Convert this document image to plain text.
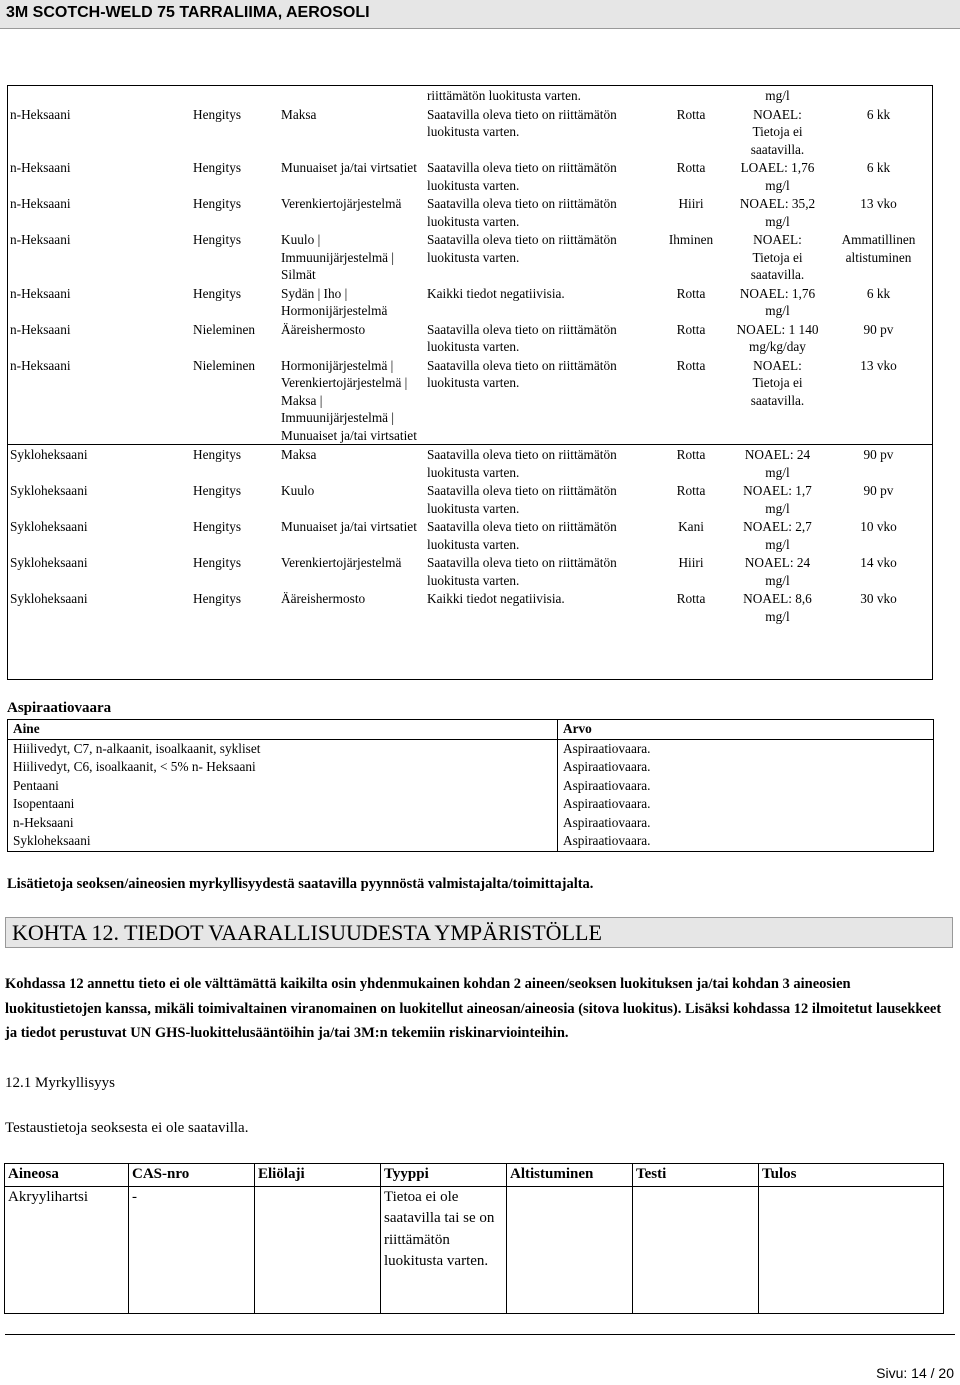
3M SCOTCH-WELD 75 TARRALIIMA, AEROSOLI
			riittämätön luokitusta varten.		mg/l	
n-Heksaani	Hengitys	Maksa	Saatavilla oleva tieto on riittämätön luokitusta varten.	Rotta	NOAEL: Tietoja ei saatavilla.	6 kk
n-Heksaani	Hengitys	Munuaiset ja/tai virtsatiet	Saatavilla oleva tieto on riittämätön luokitusta varten.	Rotta	LOAEL: 1,76 mg/l	6 kk
n-Heksaani	Hengitys	Verenkiertojärjestelmä	Saatavilla oleva tieto on riittämätön luokitusta varten.	Hiiri	NOAEL: 35,2 mg/l	13 vko
n-Heksaani	Hengitys	Kuulo | Immuunijärjestelmä | Silmät	Saatavilla oleva tieto on riittämätön luokitusta varten.	Ihminen	NOAEL: Tietoja ei saatavilla.	Ammatillinen altistuminen
n-Heksaani	Hengitys	Sydän | Iho | Hormonijärjestelmä	Kaikki tiedot negatiivisia.	Rotta	NOAEL: 1,76 mg/l	6 kk
n-Heksaani	Nieleminen	Ääreishermosto	Saatavilla oleva tieto on riittämätön luokitusta varten.	Rotta	NOAEL: 1 140 mg/kg/day	90 pv
n-Heksaani	Nieleminen	Hormonijärjestelmä | Verenkiertojärjestelmä | Maksa | Immuunijärjestelmä | Munuaiset ja/tai virtsatiet	Saatavilla oleva tieto on riittämätön luokitusta varten.	Rotta	NOAEL: Tietoja ei saatavilla.	13 vko
Sykloheksaani	Hengitys	Maksa	Saatavilla oleva tieto on riittämätön luokitusta varten.	Rotta	NOAEL: 24 mg/l	90 pv
Sykloheksaani	Hengitys	Kuulo	Saatavilla oleva tieto on riittämätön luokitusta varten.	Rotta	NOAEL: 1,7 mg/l	90 pv
Sykloheksaani	Hengitys	Munuaiset ja/tai virtsatiet	Saatavilla oleva tieto on riittämätön luokitusta varten.	Kani	NOAEL: 2,7 mg/l	10 vko
Sykloheksaani	Hengitys	Verenkiertojärjestelmä	Saatavilla oleva tieto on riittämätön luokitusta varten.	Hiiri	NOAEL: 24 mg/l	14 vko
Sykloheksaani	Hengitys	Ääreishermosto	Kaikki tiedot negatiivisia.	Rotta	NOAEL: 8,6 mg/l	30 vko
Aspiraatiovaara
Aine	Arvo
Hiilivedyt, C7, n-alkaanit, isoalkaanit, sykliset	Aspiraatiovaara.
Hiilivedyt, C6, isoalkaanit, < 5% n- Heksaani	Aspiraatiovaara.
Pentaani	Aspiraatiovaara.
Isopentaani	Aspiraatiovaara.
n-Heksaani	Aspiraatiovaara.
Sykloheksaani	Aspiraatiovaara.
Lisätietoja seoksen/aineosien myrkyllisyydestä saatavilla pyynnöstä valmistajalta/toimittajalta.
KOHTA 12. TIEDOT VAARALLISUUDESTA YMPÄRISTÖLLE
Kohdassa 12 annettu tieto ei ole välttämättä kaikilta osin yhdenmukainen kohdan 2 aineen/seoksen luokituksen ja/tai kohdan 3 aineosien luokitustietojen kanssa, mikäli toimivaltainen viranomainen on luokitellut aineosan/aineosia (sitova luokitus). Lisäksi kohdassa 12 ilmoitetut lausekkeet ja tiedot perustuvat UN GHS-luokittelusääntöihin ja/tai 3M:n tekemiin riskinarviointeihin.
12.1 Myrkyllisyys
Testaustietoja seoksesta ei ole saatavilla.
Aineosa	CAS-nro	Eliölaji	Tyyppi	Altistuminen	Testi	Tulos
Akryylihartsi	-		Tietoa ei ole saatavilla tai se on riittämätön luokitusta varten.			
Sivu: 14 / 20
